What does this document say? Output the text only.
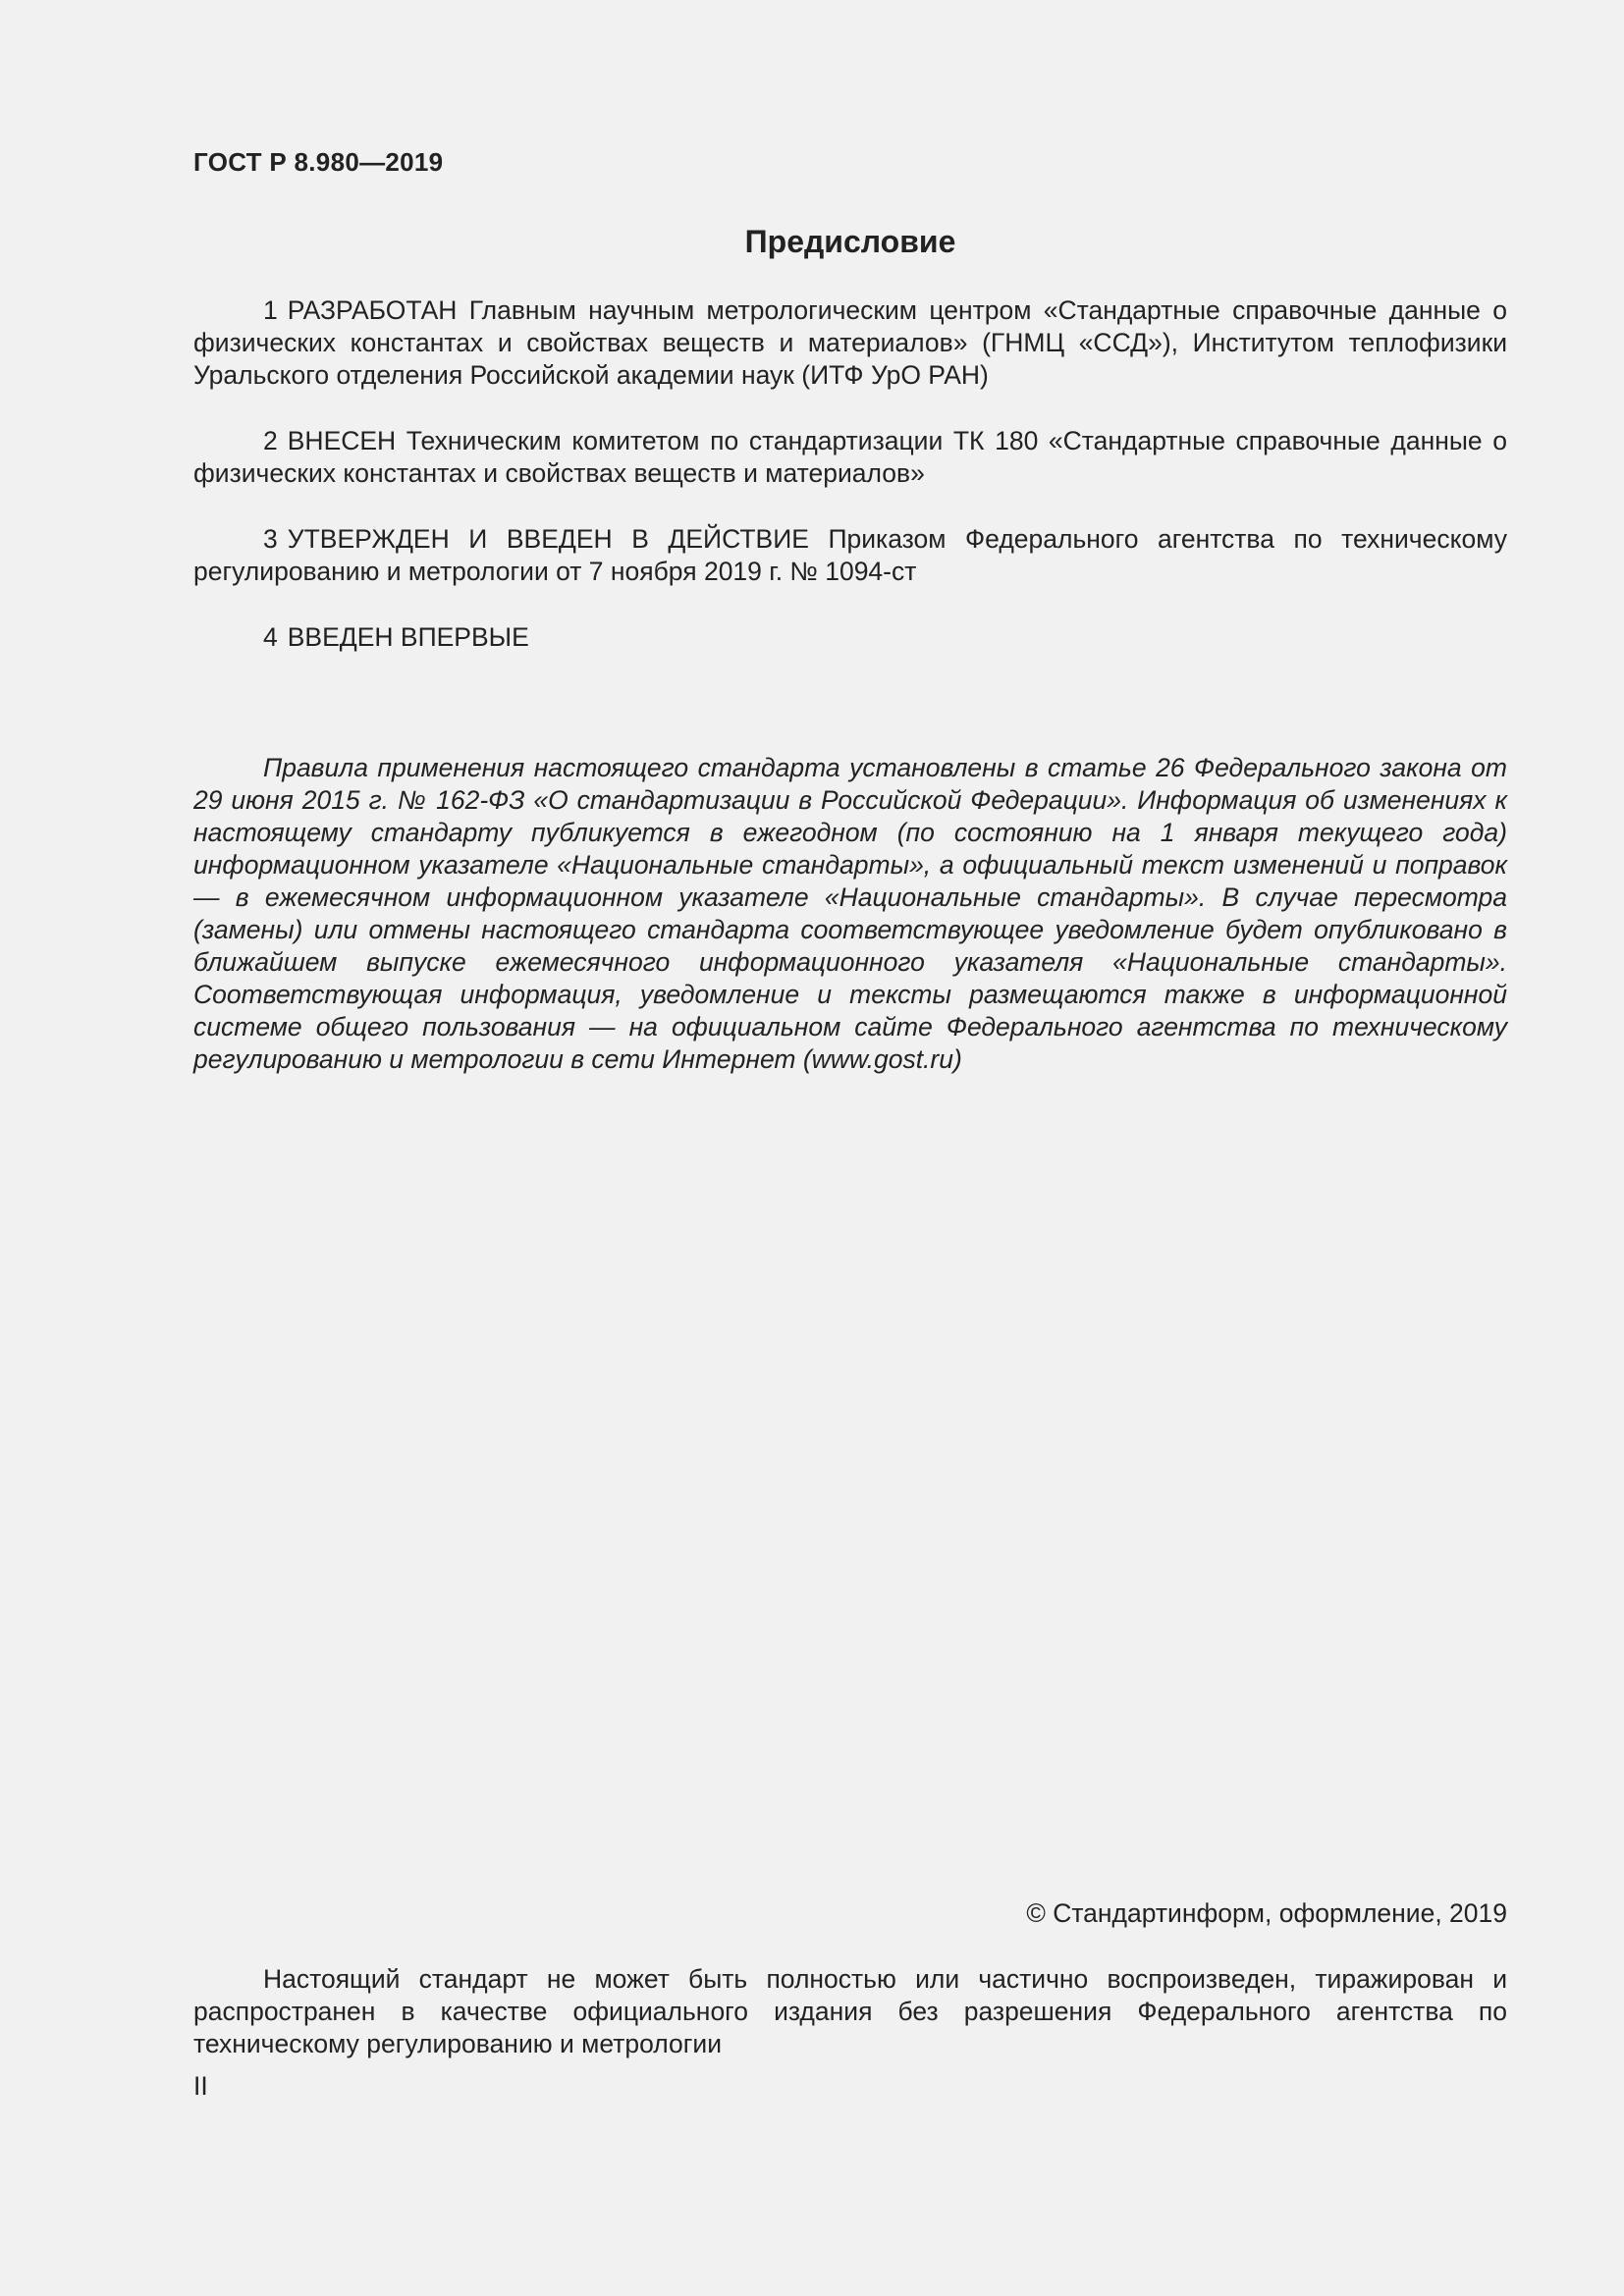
ГОСТ Р 8.980—2019
Предисловие

1 РАЗРАБОТАН Главным научным метрологическим центром «Стандартные справочные данные о физических константах и свойствах веществ и материалов» (ГНМЦ «ССД»), Институтом теплофизики Уральского отделения Российской академии наук (ИТФ УрО РАН)

2 ВНЕСЕН Техническим комитетом по стандартизации ТК 180 «Стандартные справочные данные о физических константах и свойствах веществ и материалов»

3 УТВЕРЖДЕН И ВВЕДЕН В ДЕЙСТВИЕ Приказом Федерального агентства по техническому регулированию и метрологии от 7 ноября 2019 г. № 1094-ст

4 ВВЕДЕН ВПЕРВЫЕ

Правила применения настоящего стандарта установлены в статье 26 Федерального закона от 29 июня 2015 г. № 162-ФЗ «О стандартизации в Российской Федерации». Информация об изменениях к настоящему стандарту публикуется в ежегодном (по состоянию на 1 января текущего года) информационном указателе «Национальные стандарты», а официальный текст изменений и поправок — в ежемесячном информационном указателе «Национальные стандарты». В случае пересмотра (замены) или отмены настоящего стандарта соответствующее уведомление будет опубликовано в ближайшем выпуске ежемесячного информационного указателя «Национальные стандарты». Соответствующая информация, уведомление и тексты размещаются также в информационной системе общего пользования — на официальном сайте Федерального агентства по техническому регулированию и метрологии в сети Интернет (www.gost.ru)

© Стандартинформ, оформление, 2019

Настоящий стандарт не может быть полностью или частично воспроизведен, тиражирован и распространен в качестве официального издания без разрешения Федерального агентства по техническому регулированию и метрологии

II
